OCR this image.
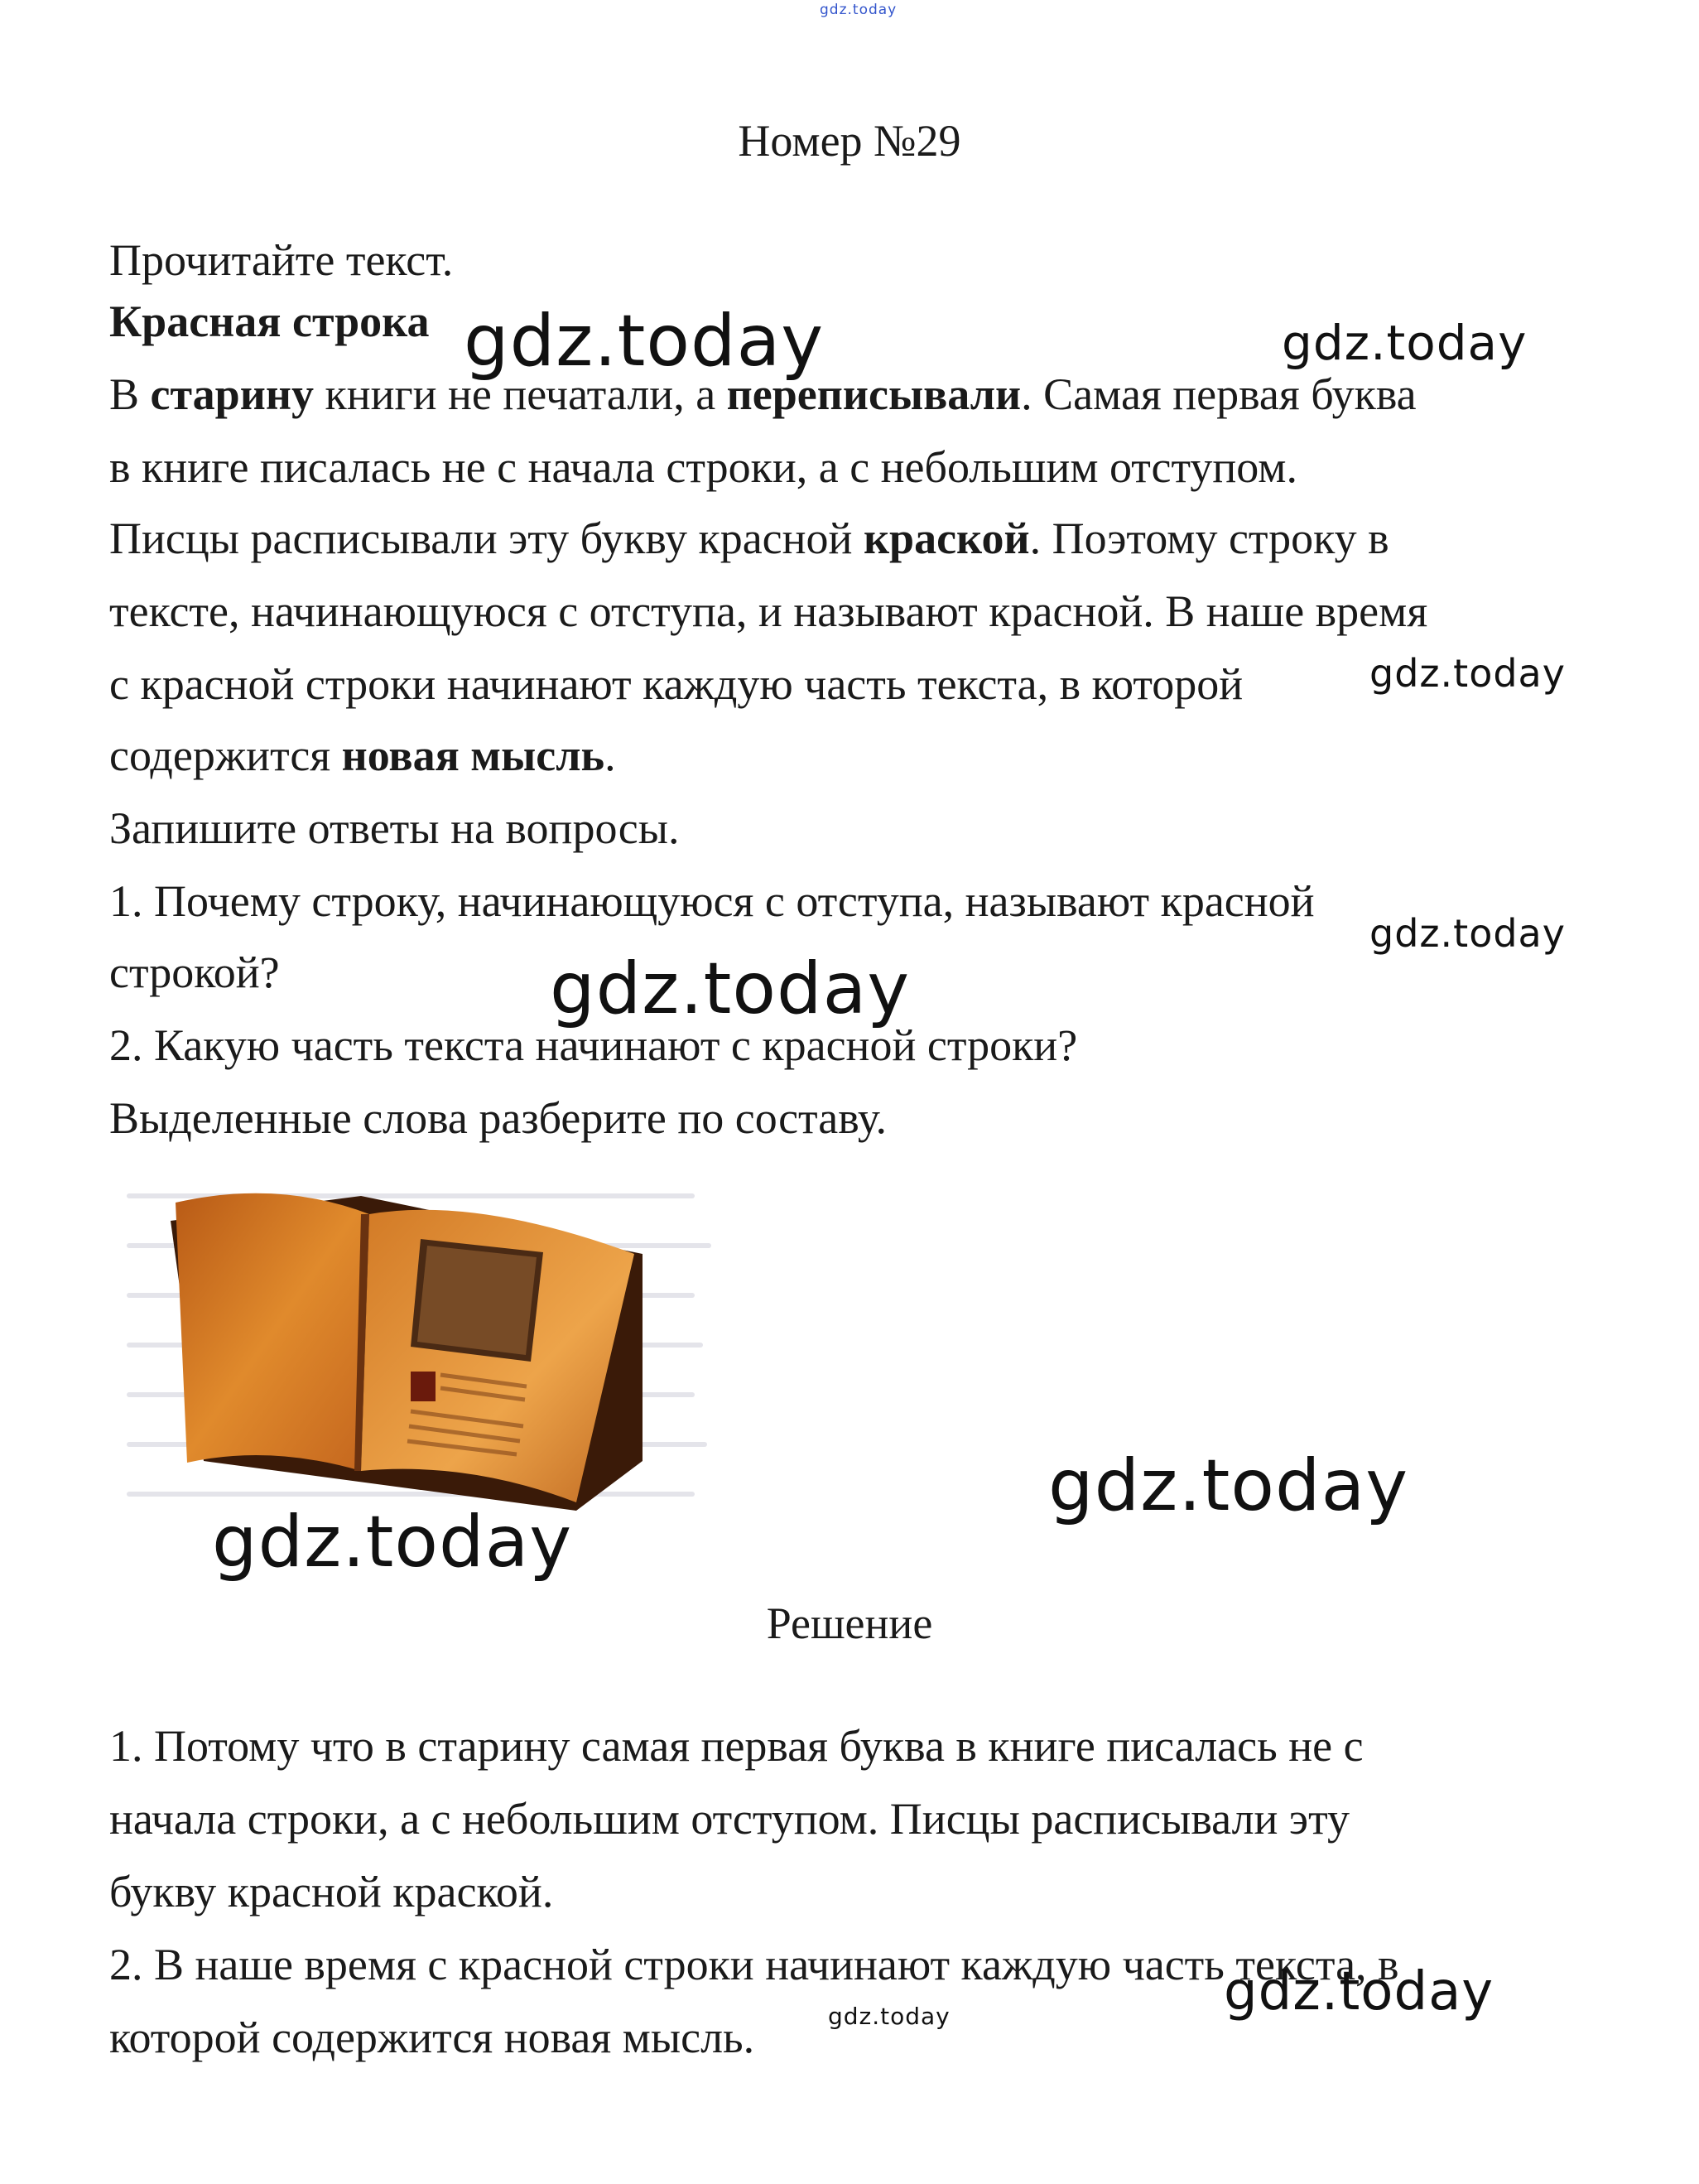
gdz.today
Номер №29
Прочитайте текст.
Красная строка
В старину книги не печатали, а переписывали. Самая первая буква
в книге писалась не с начала строки, а с небольшим отступом.
Писцы расписывали эту букву красной краской. Поэтому строку в
тексте, начинающуюся с отступа, и называют красной. В наше время
с красной строки начинают каждую часть текста, в которой
содержится новая мысль.
Запишите ответы на вопросы.
1. Почему строку, начинающуюся с отступа, называют красной
строкой?
2. Какую часть текста начинают с красной строки?
Выделенные слова разберите по составу.
Решение
1. Потому что в старину самая первая буква в книге писалась не с
начала строки, а с небольшим отступом. Писцы расписывали эту
букву красной краской.
2. В наше время с красной строки начинают каждую часть текста, в
которой содержится новая мысль.
gdz.today	gdz.today
gdz.today
gdz.today
gdz.today
gdz.today
gdz.today
gdz.today
gdz.today
